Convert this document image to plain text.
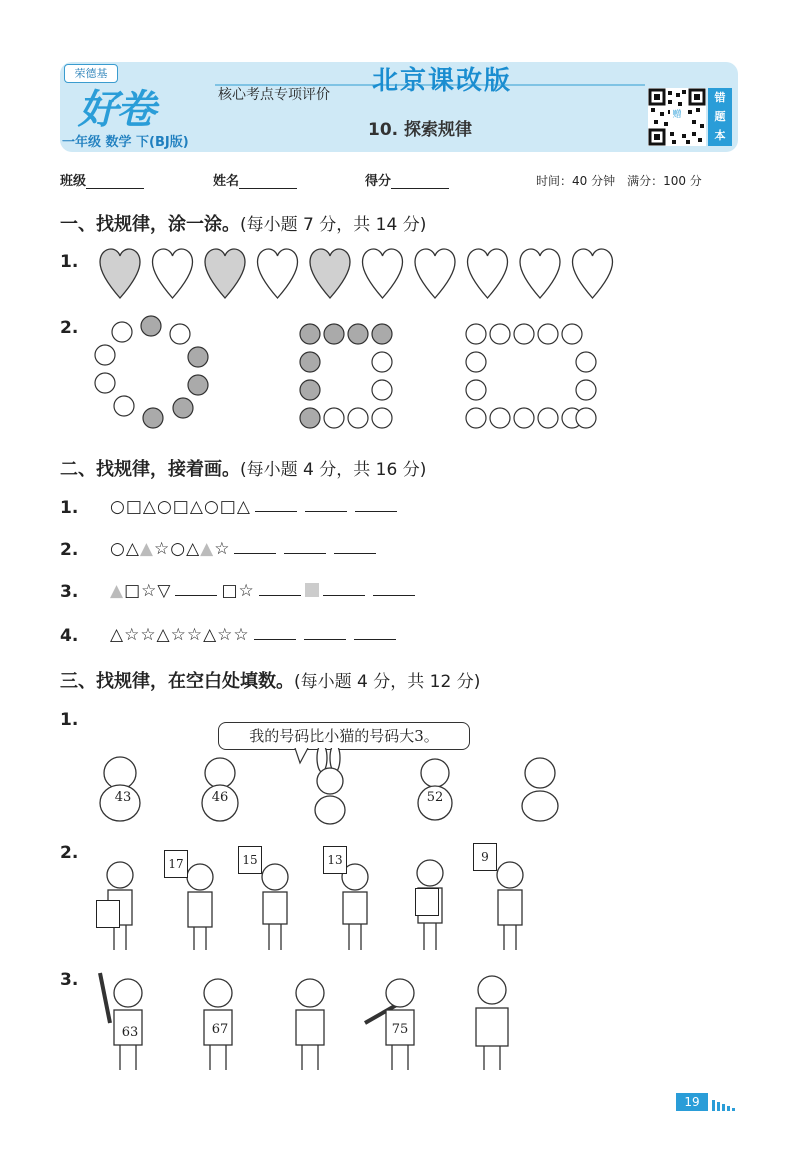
荣德基
好卷
一年级 数学 下(BJ版)
核心考点专项评价 北京课改版
10. 探索规律
赠
错
题
本
班级	姓名	得分	时间：40 分钟　满分：100 分
一、找规律，涂一涂。(每小题 7 分，共 14 分)
1.
2.
二、找规律，接着画。(每小题 4 分，共 16 分)
1. ○□△○□△○□△
2. ○△▲☆○△▲☆
3. ▲□☆▽	□☆
4. △☆☆△☆☆△☆☆
三、找规律，在空白处填数。(每小题 4 分，共 12 分)
1.
我的号码比小猫的号码大3。
43	46	52
2.
17	15	13	9
3.
63	67	75
19
